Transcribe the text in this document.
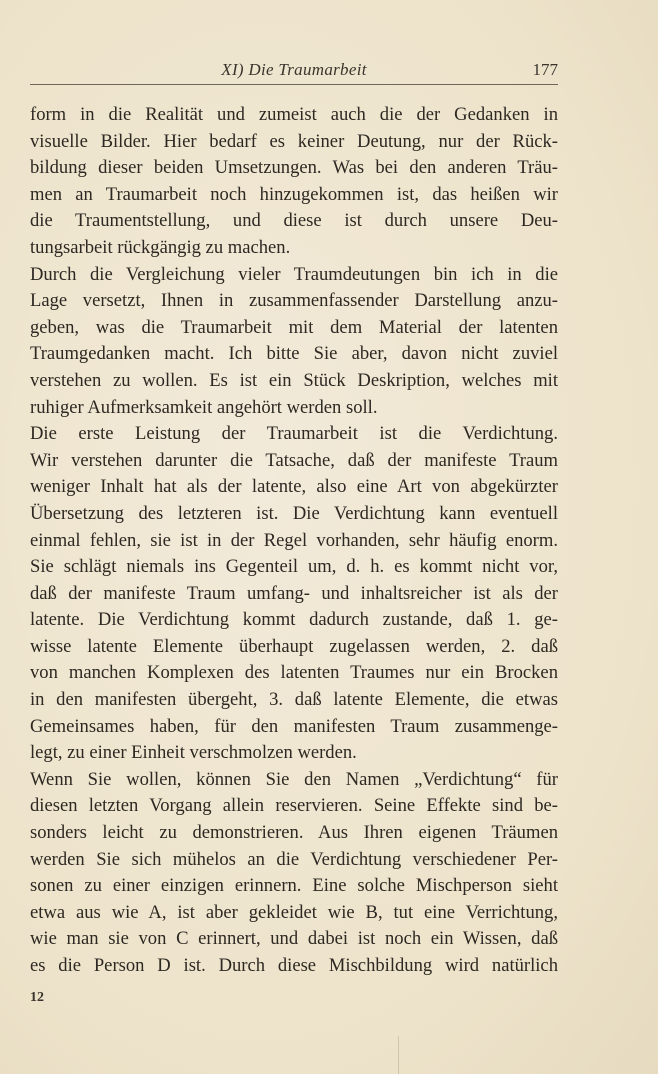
XI) Die Traumarbeit	177
form in die Realität und zumeist auch die der Gedanken in
visuelle Bilder. Hier bedarf es keiner Deutung, nur der Rück-
bildung dieser beiden Umsetzungen. Was bei den anderen Träu-
men an Traumarbeit noch hinzugekommen ist, das heißen wir
die Traumentstellung, und diese ist durch unsere Deu-
tungsarbeit rückgängig zu machen.
Durch die Vergleichung vieler Traumdeutungen bin ich in die
Lage versetzt, Ihnen in zusammenfassender Darstellung anzu-
geben, was die Traumarbeit mit dem Material der latenten
Traumgedanken macht. Ich bitte Sie aber, davon nicht zuviel
verstehen zu wollen. Es ist ein Stück Deskription, welches mit
ruhiger Aufmerksamkeit angehört werden soll.
Die erste Leistung der Traumarbeit ist die Verdichtung.
Wir verstehen darunter die Tatsache, daß der manifeste Traum
weniger Inhalt hat als der latente, also eine Art von abgekürzter
Übersetzung des letzteren ist. Die Verdichtung kann eventuell
einmal fehlen, sie ist in der Regel vorhanden, sehr häufig enorm.
Sie schlägt niemals ins Gegenteil um, d. h. es kommt nicht vor,
daß der manifeste Traum umfang- und inhaltsreicher ist als der
latente. Die Verdichtung kommt dadurch zustande, daß 1. ge-
wisse latente Elemente überhaupt zugelassen werden, 2. daß
von manchen Komplexen des latenten Traumes nur ein Brocken
in den manifesten übergeht, 3. daß latente Elemente, die etwas
Gemeinsames haben, für den manifesten Traum zusammenge-
legt, zu einer Einheit verschmolzen werden.
Wenn Sie wollen, können Sie den Namen „Verdichtung“ für
diesen letzten Vorgang allein reservieren. Seine Effekte sind be-
sonders leicht zu demonstrieren. Aus Ihren eigenen Träumen
werden Sie sich mühelos an die Verdichtung verschiedener Per-
sonen zu einer einzigen erinnern. Eine solche Mischperson sieht
etwa aus wie A, ist aber gekleidet wie B, tut eine Verrichtung,
wie man sie von C erinnert, und dabei ist noch ein Wissen, daß
es die Person D ist. Durch diese Mischbildung wird natürlich
12
